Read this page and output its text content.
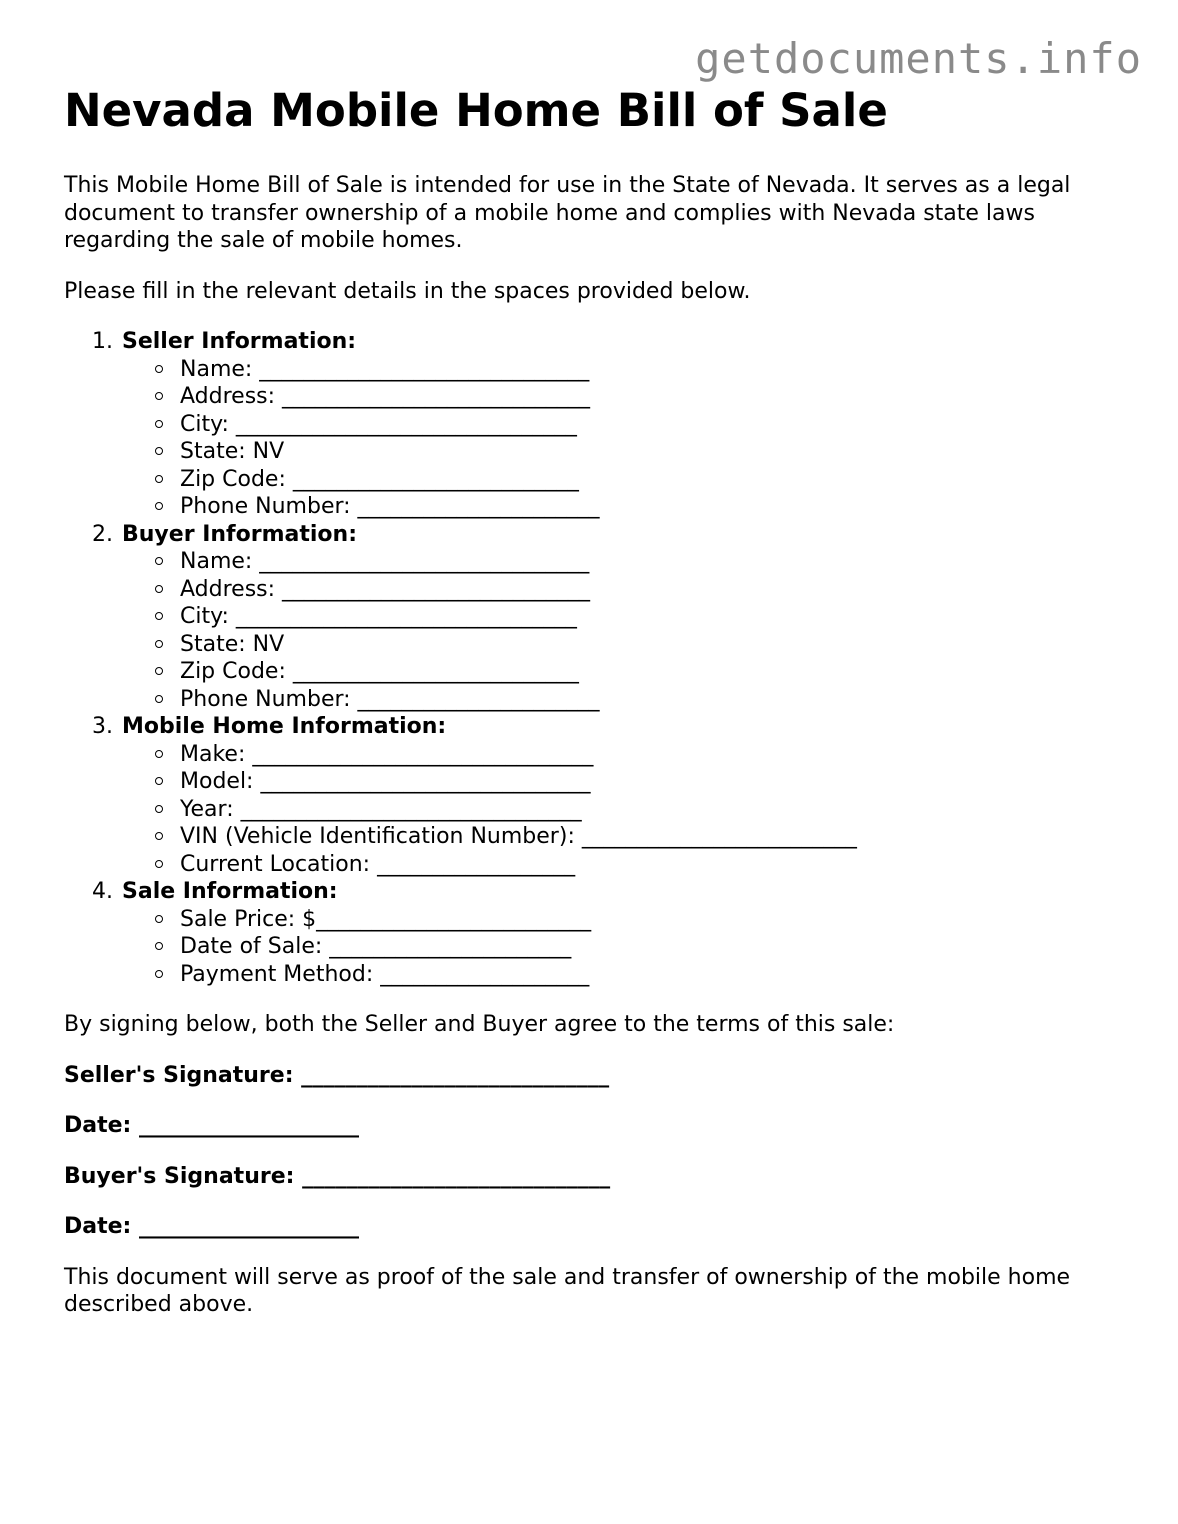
getdocuments.info
Nevada Mobile Home Bill of Sale

This Mobile Home Bill of Sale is intended for use in the State of Nevada. It serves as a legal document to transfer ownership of a mobile home and complies with Nevada state laws regarding the sale of mobile homes.

Please fill in the relevant details in the spaces provided below.

1. Seller Information:
Name: ______________________________
Address: ____________________________
City: _______________________________
State: NV
Zip Code: __________________________
Phone Number: ______________________
2. Buyer Information:
Name: ______________________________
Address: ____________________________
City: _______________________________
State: NV
Zip Code: __________________________
Phone Number: ______________________
3. Mobile Home Information:
Make: _______________________________
Model: ______________________________
Year: _______________________________
VIN (Vehicle Identification Number): _________________________
Current Location: __________________
4. Sale Information:
Sale Price: $_________________________
Date of Sale: ______________________
Payment Method: ___________________

By signing below, both the Seller and Buyer agree to the terms of this sale:

Seller's Signature: ____________________________

Date: ____________________

Buyer's Signature: ____________________________

Date: ____________________

This document will serve as proof of the sale and transfer of ownership of the mobile home described above.
